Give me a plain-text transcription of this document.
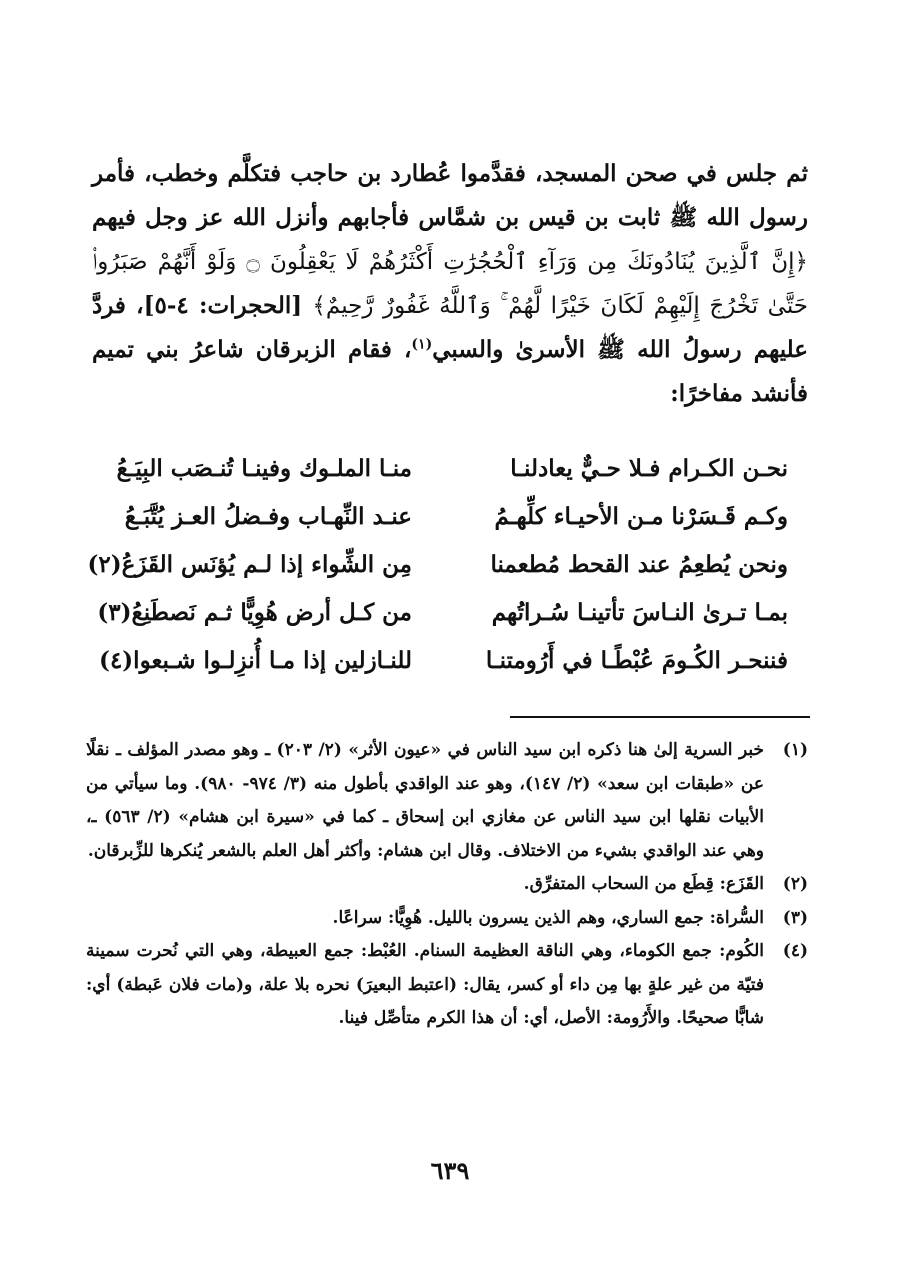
ثم جلس في صحن المسجد، فقدَّموا عُطارد بن حاجب فتكلَّم وخطب، فأمر رسول الله ﷺ ثابت بن قيس بن شمَّاس فأجابهم وأنزل الله عز وجل فيهم ﴿إِنَّ ٱلَّذِينَ يُنَادُونَكَ مِن وَرَآءِ ٱلْحُجُرَٰتِ أَكْثَرُهُمْ لَا يَعْقِلُونَ ۝ وَلَوْ أَنَّهُمْ صَبَرُوا۟ حَتَّىٰ تَخْرُجَ إِلَيْهِمْ لَكَانَ خَيْرًا لَّهُمْ ۚ وَٱللَّهُ غَفُورٌ رَّحِيمٌ﴾ [الحجرات: ٤-٥]، فردَّ عليهم رسولُ الله ﷺ الأسرىٰ والسبي$^{(١)}$، فقام الزبرقان شاعرُ بني تميم فأنشد مفاخرًا:

نحـن الكـرام فـلا حـيٌّ يعادلنـا
منـا الملـوك وفينـا تُنـصَب البِيَـعُ
وكـم قَـسَرْنا مـن الأحيـاء كلِّهـمُ
عنـد النِّهـاب وفـضلُ العـز يُتَّبَـعُ
ونحن يُطعِمُ عند القحط مُطعمنا
مِن الشِّواء إذا لـم يُؤنَس القَزَعُ(٢)
بمـا تـرىٰ النـاسَ تأتينـا سُـراتُهم
من كـل أرض هُوِيًّا ثـم نَصطَنِعُ(٣)
فننحـر الكُـومَ عُبْطًـا في أَرُومتنـا
للنـازلين إذا مـا أُنزِلـوا شـبعوا(٤)
(١)
خبر السرية إلىٰ هنا ذكره ابن سيد الناس في «عيون الأثر» (٢/ ٢٠٣) ـ وهو مصدر المؤلف ـ نقلًا عن «طبقات ابن سعد» (٢/ ١٤٧)، وهو عند الواقدي بأطول منه (٣/ ٩٧٤- ٩٨٠). وما سيأتي من الأبيات نقلها ابن سيد الناس عن مغازي ابن إسحاق ـ كما في «سيرة ابن هشام» (٢/ ٥٦٣) ـ، وهي عند الواقدي بشيء من الاختلاف. وقال ابن هشام: وأكثر أهل العلم بالشعر يُنكرها للزِّبرقان.
(٢)
القَزَع: قِطَع من السحاب المتفرِّق.
(٣)
السُّراة: جمع الساري، وهم الذين يسرون بالليل. هُوِيًّا: سراعًا.
(٤)
الكُوم: جمع الكوماء، وهي الناقة العظيمة السنام. العُبْط: جمع العبيطة، وهي التي نُحرت سمينة فتيّة من غير علةٍ بها مِن داء أو كسر، يقال: (اعتبط البعيرَ) نحره بلا علة، و(مات فلان عَبطة) أي: شابًّا صحيحًا. والأَرُومة: الأصل، أي: أن هذا الكرم متأصِّل فينا.
٦٣٩
